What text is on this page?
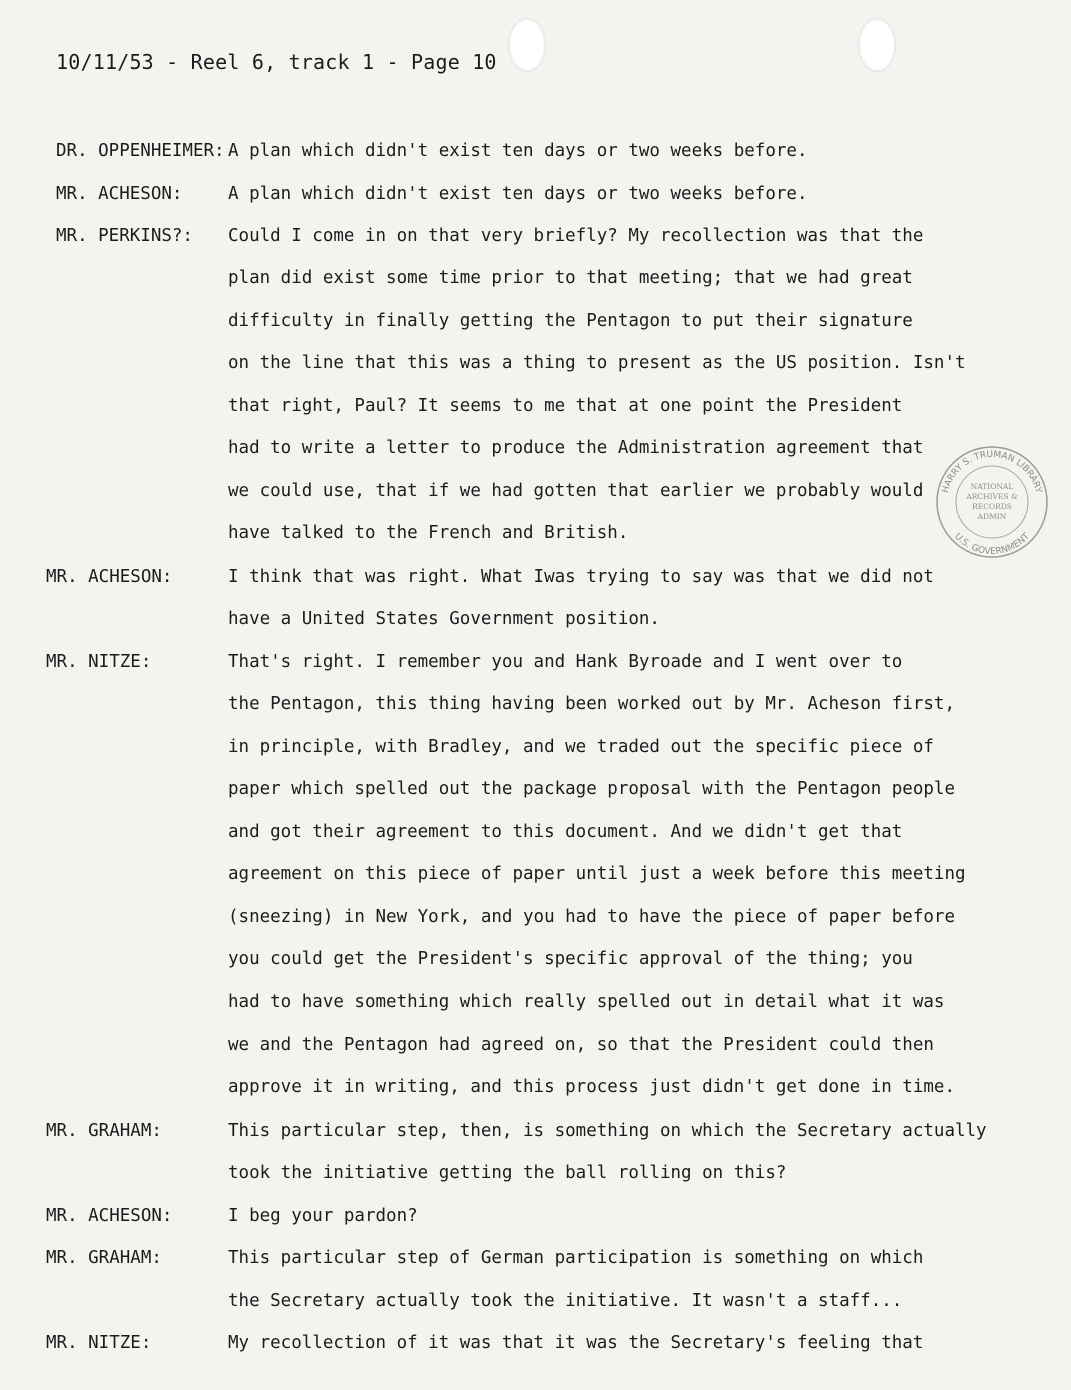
10/11/53 - Reel 6, track 1 - Page 10
DR. OPPENHEIMER: A plan which didn't exist ten days or two weeks before.
MR. ACHESON:	A plan which didn't exist ten days or two weeks before.
MR. PERKINS?: Could I come in on that very briefly? My recollection was that the
plan did exist some time prior to that meeting; that we had great
difficulty in finally getting the Pentagon to put their signature
on the line that this was a thing to present as the US position. Isn't
that right, Paul? It seems to me that at one point the President
had to write a letter to produce the Administration agreement that
we could use, that if we had gotten that earlier we probably would
have talked to the French and British.
MR. ACHESON:	I think that was right. What Iwas trying to say was that we did not
have a United States Government position.
MR. NITZE:	That's right. I remember you and Hank Byroade and I went over to
the Pentagon, this thing having been worked out by Mr. Acheson first,
in principle, with Bradley, and we traded out the specific piece of
paper which spelled out the package proposal with the Pentagon people
and got their agreement to this document. And we didn't get that
agreement on this piece of paper until just a week before this meeting
(sneezing) in New York, and you had to have the piece of paper before
you could get the President's specific approval of the thing; you
had to have something which really spelled out in detail what it was
we and the Pentagon had agreed on, so that the President could then
approve it in writing, and this process just didn't get done in time.
MR. GRAHAM:	This particular step, then, is something on which the Secretary actually
took the initiative getting the ball rolling on this?
MR. ACHESON:	I beg your pardon?
MR. GRAHAM:	This particular step of German participation is something on which
the Secretary actually took the initiative. It wasn't a staff...
MR. NITZE:	My recollection of it was that it was the Secretary's feeling that
HARRY S. TRUMAN LIBRARY
U.S. GOVERNMENT
NATIONAL
ARCHIVES &
RECORDS
ADMIN
